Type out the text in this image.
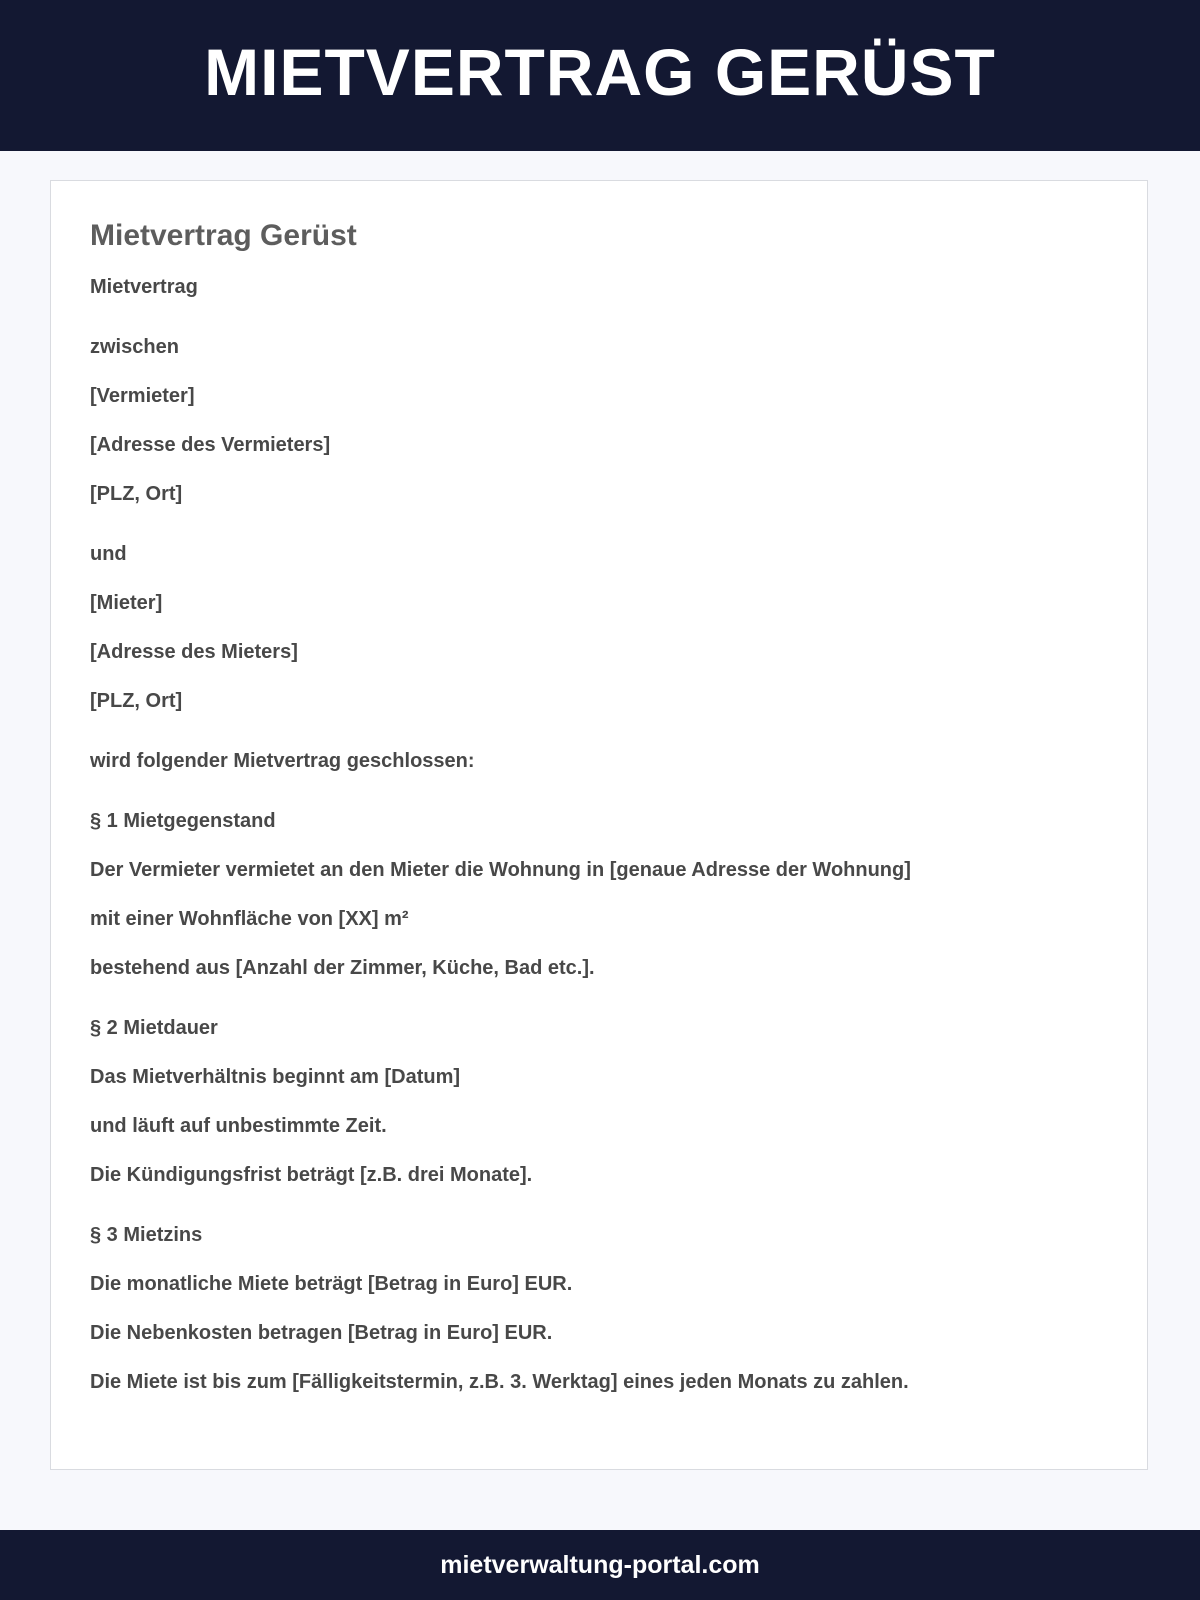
MIETVERTRAG GERÜST
Mietvertrag Gerüst

Mietvertrag

zwischen

[Vermieter]

[Adresse des Vermieters]

[PLZ, Ort]

und

[Mieter]

[Adresse des Mieters]

[PLZ, Ort]

wird folgender Mietvertrag geschlossen:

§ 1 Mietgegenstand

Der Vermieter vermietet an den Mieter die Wohnung in [genaue Adresse der Wohnung]

mit einer Wohnfläche von [XX] m²

bestehend aus [Anzahl der Zimmer, Küche, Bad etc.].

§ 2 Mietdauer

Das Mietverhältnis beginnt am [Datum]

und läuft auf unbestimmte Zeit.

Die Kündigungsfrist beträgt [z.B. drei Monate].

§ 3 Mietzins

Die monatliche Miete beträgt [Betrag in Euro] EUR.

Die Nebenkosten betragen [Betrag in Euro] EUR.

Die Miete ist bis zum [Fälligkeitstermin, z.B. 3. Werktag] eines jeden Monats zu zahlen.

mietverwaltung-portal.com
